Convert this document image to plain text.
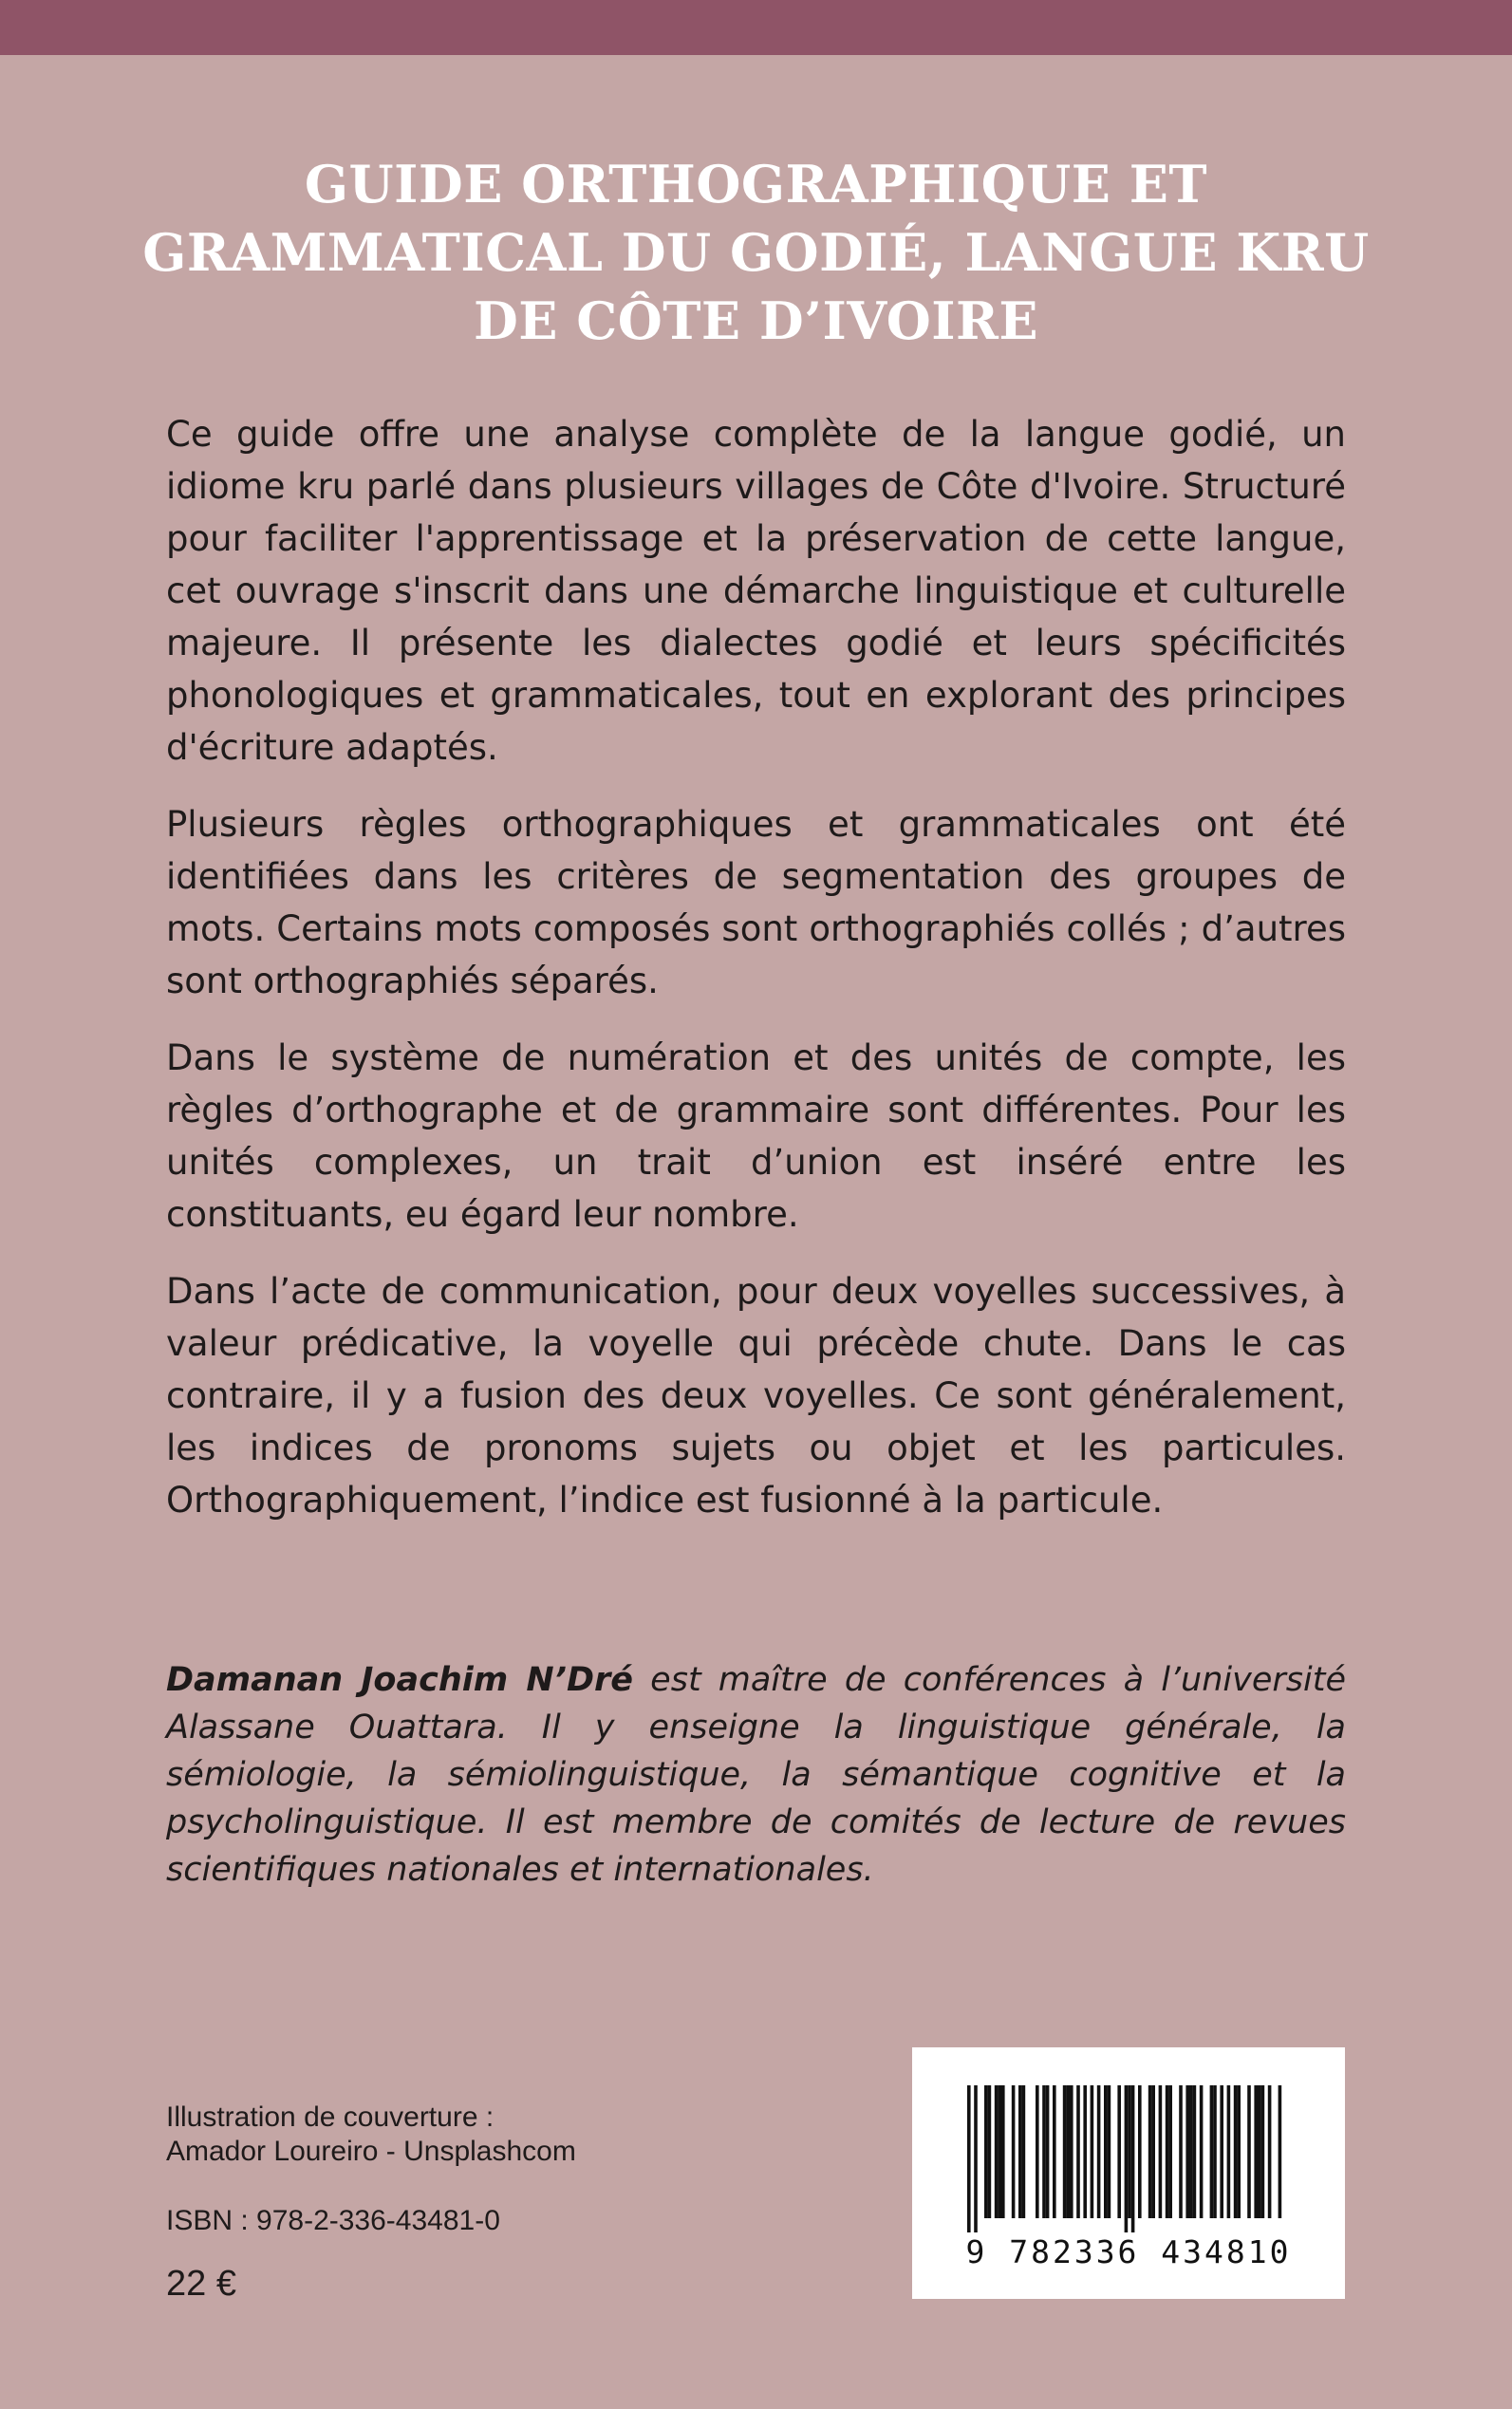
GUIDE ORTHOGRAPHIQUE ET
GRAMMATICAL DU GODIÉ, LANGUE KRU
DE CÔTE D’IVOIRE

Ce guide offre une analyse complète de la langue godié, un idiome kru parlé dans plusieurs villages de Côte d'Ivoire. Structuré pour faciliter l'apprentissage et la préservation de cette langue, cet ouvrage s'inscrit dans une démarche linguistique et culturelle majeure. Il présente les dialectes godié et leurs spécificités phonologiques et grammaticales, tout en explorant des principes d'écriture adaptés.

Plusieurs règles orthographiques et grammaticales ont été identifiées dans les critères de segmentation des groupes de mots. Certains mots composés sont orthographiés collés ; d’autres sont orthographiés séparés.

Dans le système de numération et des unités de compte, les règles d’orthographe et de grammaire sont différentes. Pour les unités complexes, un trait d’union est inséré entre les constituants, eu égard leur nombre.

Dans l’acte de communication, pour deux voyelles successives, à valeur prédicative, la voyelle qui précède chute. Dans le cas contraire, il y a fusion des deux voyelles. Ce sont généralement, les indices de pronoms sujets ou objet et les particules. Orthographiquement, l’indice est fusionné à la particule.

Damanan Joachim N’Dré est maître de conférences à l’université Alassane Ouattara. Il y enseigne la linguistique générale, la sémiologie, la sémiolinguistique, la sémantique cognitive et la psycholinguistique. Il est membre de comités de lecture de revues scientifiques nationales et internationales.

Illustration de couverture :
Amador Loureiro - Unsplashcom
ISBN : 978-2-336-43481-0
22 €
9 782336 434810
